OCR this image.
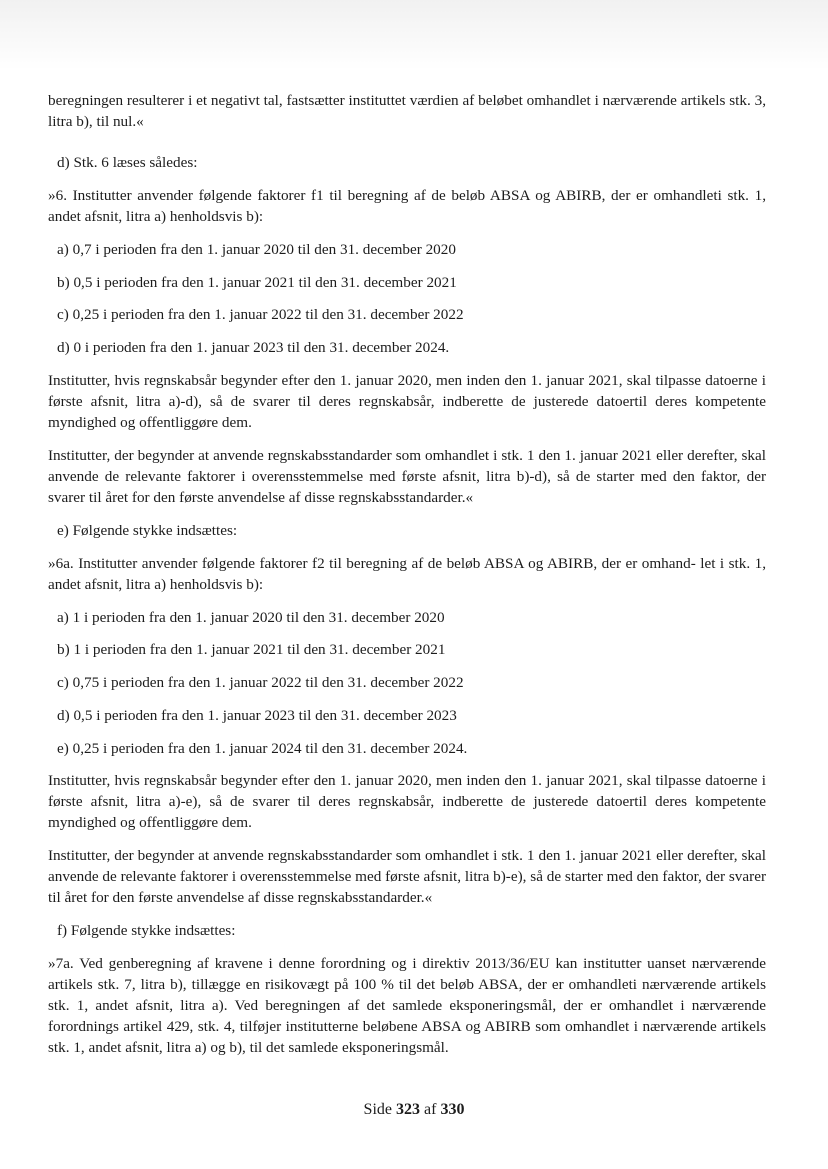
beregningen resulterer i et negativt tal, fastsætter instituttet værdien af beløbet omhandlet i nærværende artikels stk. 3, litra b), til nul.«

d) Stk. 6 læses således:

»6. Institutter anvender følgende faktorer f1 til beregning af de beløb ABSA og ABIRB, der er omhandleti stk. 1, andet afsnit, litra a) henholdsvis b):

a) 0,7 i perioden fra den 1. januar 2020 til den 31. december 2020

b) 0,5 i perioden fra den 1. januar 2021 til den 31. december 2021

c) 0,25 i perioden fra den 1. januar 2022 til den 31. december 2022

d) 0 i perioden fra den 1. januar 2023 til den 31. december 2024.

Institutter, hvis regnskabsår begynder efter den 1. januar 2020, men inden den 1. januar 2021, skal tilpasse datoerne i første afsnit, litra a)-d), så de svarer til deres regnskabsår, indberette de justerede datoertil deres kompetente myndighed og offentliggøre dem.

Institutter, der begynder at anvende regnskabsstandarder som omhandlet i stk. 1 den 1. januar 2021 eller derefter, skal anvende de relevante faktorer i overensstemmelse med første afsnit, litra b)-d), så de starter med den faktor, der svarer til året for den første anvendelse af disse regnskabsstandarder.«

e) Følgende stykke indsættes:

»6a. Institutter anvender følgende faktorer f2 til beregning af de beløb ABSA og ABIRB, der er omhand- let i stk. 1, andet afsnit, litra a) henholdsvis b):

a) 1 i perioden fra den 1. januar 2020 til den 31. december 2020

b) 1 i perioden fra den 1. januar 2021 til den 31. december 2021

c) 0,75 i perioden fra den 1. januar 2022 til den 31. december 2022

d) 0,5 i perioden fra den 1. januar 2023 til den 31. december 2023

e) 0,25 i perioden fra den 1. januar 2024 til den 31. december 2024.

Institutter, hvis regnskabsår begynder efter den 1. januar 2020, men inden den 1. januar 2021, skal tilpasse datoerne i første afsnit, litra a)-e), så de svarer til deres regnskabsår, indberette de justerede datoertil deres kompetente myndighed og offentliggøre dem.

Institutter, der begynder at anvende regnskabsstandarder som omhandlet i stk. 1 den 1. januar 2021 eller derefter, skal anvende de relevante faktorer i overensstemmelse med første afsnit, litra b)-e), så de starter med den faktor, der svarer til året for den første anvendelse af disse regnskabsstandarder.«

f) Følgende stykke indsættes:

»7a. Ved genberegning af kravene i denne forordning og i direktiv 2013/36/EU kan institutter uanset nærværende artikels stk. 7, litra b), tillægge en risikovægt på 100 % til det beløb ABSA, der er omhandleti nærværende artikels stk. 1, andet afsnit, litra a). Ved beregningen af det samlede eksponeringsmål, der er omhandlet i nærværende forordnings artikel 429, stk. 4, tilføjer institutterne beløbene ABSA og ABIRB som omhandlet i nærværende artikels stk. 1, andet afsnit, litra a) og b), til det samlede eksponeringsmål.

Side 323 af 330
